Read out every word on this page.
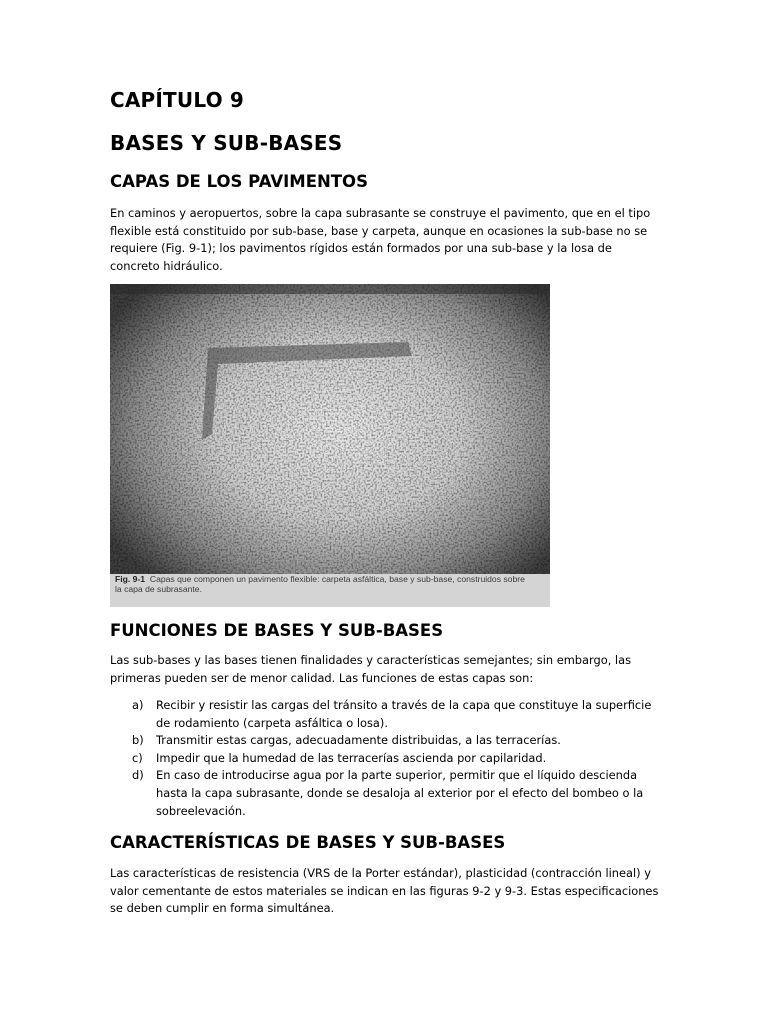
CAPÍTULO 9
BASES Y SUB-BASES
CAPAS DE LOS PAVIMENTOS

En caminos y aeropuertos, sobre la capa subrasante se construye el pavimento, que en el tipo
flexible está constituido por sub-base, base y carpeta, aunque en ocasiones la sub-base no se
requiere (Fig. 9-1); los pavimentos rígidos están formados por una sub-base y la losa de
concreto hidráulico.

Fig. 9-1 Capas que componen un pavimento flexible: carpeta asfáltica, base y sub-base, construidos sobre
la capa de subrasante.
FUNCIONES DE BASES Y SUB-BASES

Las sub-bases y las bases tienen finalidades y características semejantes; sin embargo, las
primeras pueden ser de menor calidad. Las funciones de estas capas son:

a) Recibir y resistir las cargas del tránsito a través de la capa que constituye la superficie
de rodamiento (carpeta asfáltica o losa).
b) Transmitir estas cargas, adecuadamente distribuidas, a las terracerías.
c) Impedir que la humedad de las terracerías ascienda por capilaridad.
d) En caso de introducirse agua por la parte superior, permitir que el líquido descienda
hasta la capa subrasante, donde se desaloja al exterior por el efecto del bombeo o la
sobreelevación.
CARACTERÍSTICAS DE BASES Y SUB-BASES

Las características de resistencia (VRS de la Porter estándar), plasticidad (contracción lineal) y
valor cementante de estos materiales se indican en las figuras 9-2 y 9-3. Estas especificaciones
se deben cumplir en forma simultánea.
